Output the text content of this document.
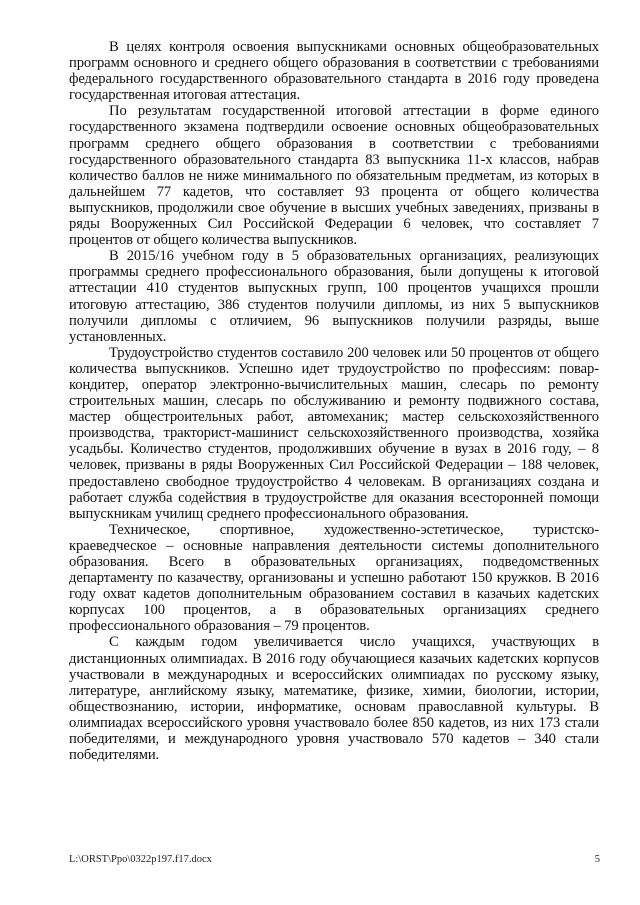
В целях контроля освоения выпускниками основных общеобразовательных программ основного и среднего общего образования в соответствии с требованиями федерального государственного образовательного стандарта в 2016 году проведена государственная итоговая аттестация.

По результатам государственной итоговой аттестации в форме единого государственного экзамена подтвердили освоение основных общеобразовательных программ среднего общего образования в соответствии с требованиями государственного образовательного стандарта 83 выпускника 11-х классов, набрав количество баллов не ниже минимального по обязательным предметам, из которых в дальнейшем 77 кадетов, что составляет 93 процента от общего количества выпускников, продолжили свое обучение в высших учебных заведениях, призваны в ряды Вооруженных Сил Российской Федерации 6 человек, что составляет 7 процентов от общего количества выпускников.

В 2015/16 учебном году в 5 образовательных организациях, реализующих программы среднего профессионального образования, были допущены к итоговой аттестации 410 студентов выпускных групп, 100 процентов учащихся прошли итоговую аттестацию, 386 студентов получили дипломы, из них 5 выпускников получили дипломы с отличием, 96 выпускников получили разряды, выше установленных.

Трудоустройство студентов составило 200 человек или 50 процентов от общего количества выпускников. Успешно идет трудоустройство по профессиям: повар-кондитер, оператор электронно-вычислительных машин, слесарь по ремонту строительных машин, слесарь по обслуживанию и ремонту подвижного состава, мастер общестроительных работ, автомеханик; мастер сельскохозяйственного производства, тракторист-машинист сельскохозяйственного производства, хозяйка усадьбы. Количество студентов, продолживших обучение в вузах в 2016 году, – 8 человек, призваны в ряды Вооруженных Сил Российской Федерации – 188 человек, предоставлено свободное трудоустройство 4 человекам. В организациях создана и работает служба содействия в трудоустройстве для оказания всесторонней помощи выпускникам училищ среднего профессионального образования.

Техническое, спортивное, художественно-эстетическое, туристско-краеведческое – основные направления деятельности системы дополнительного образования. Всего в образовательных организациях, подведомственных департаменту по казачеству, организованы и успешно работают 150 кружков. В 2016 году охват кадетов дополнительным образованием составил в казачьих кадетских корпусах 100 процентов, а в образовательных организациях среднего профессионального образования – 79 процентов.

С каждым годом увеличивается число учащихся, участвующих в дистанционных олимпиадах. В 2016 году обучающиеся казачьих кадетских корпусов участвовали в международных и всероссийских олимпиадах по русскому языку, литературе, английскому языку, математике, физике, химии, биологии, истории, обществознанию, истории, информатике, основам православной культуры. В олимпиадах всероссийского уровня участвовало более 850 кадетов, из них 173 стали победителями, и международного уровня участвовало 570 кадетов – 340 стали победителями.

L:\ORST\Ppo\0322p197.f17.docx	5
